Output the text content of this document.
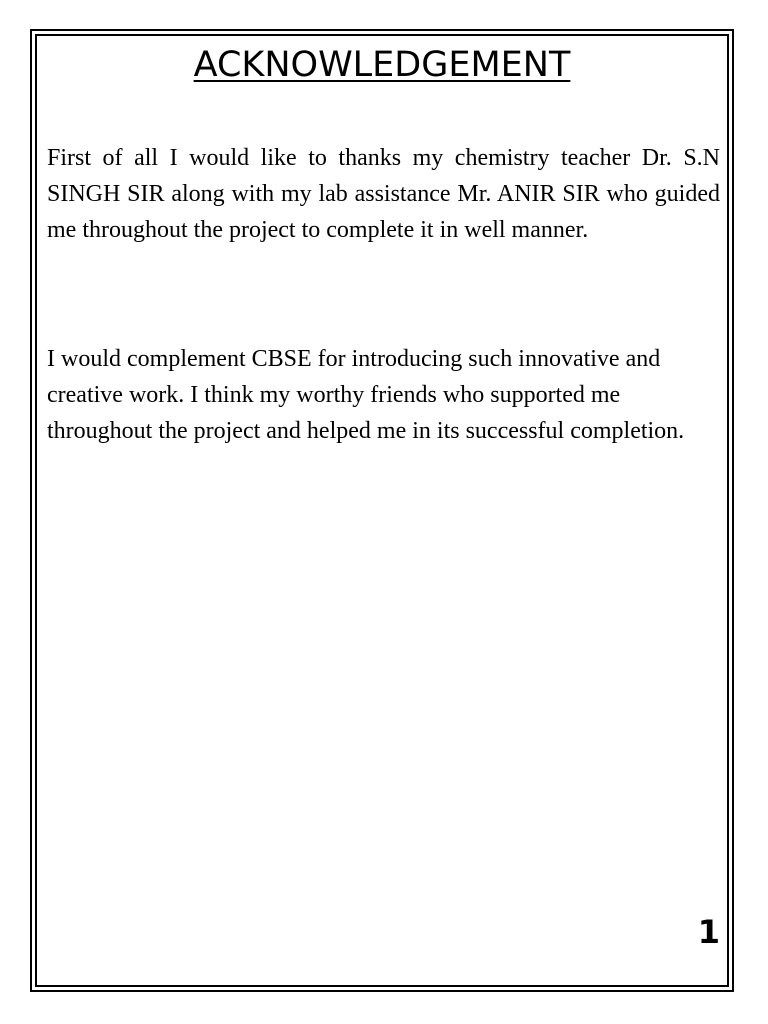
ACKNOWLEDGEMENT

First of all I would like to thanks my chemistry teacher Dr. S.N SINGH SIR along with my lab assistance Mr. ANIR SIR who guided me throughout the project to complete it in well manner.

I would complement CBSE for introducing such innovative and creative work. I think my worthy friends who supported me throughout the project and helped me in its successful completion.

1
